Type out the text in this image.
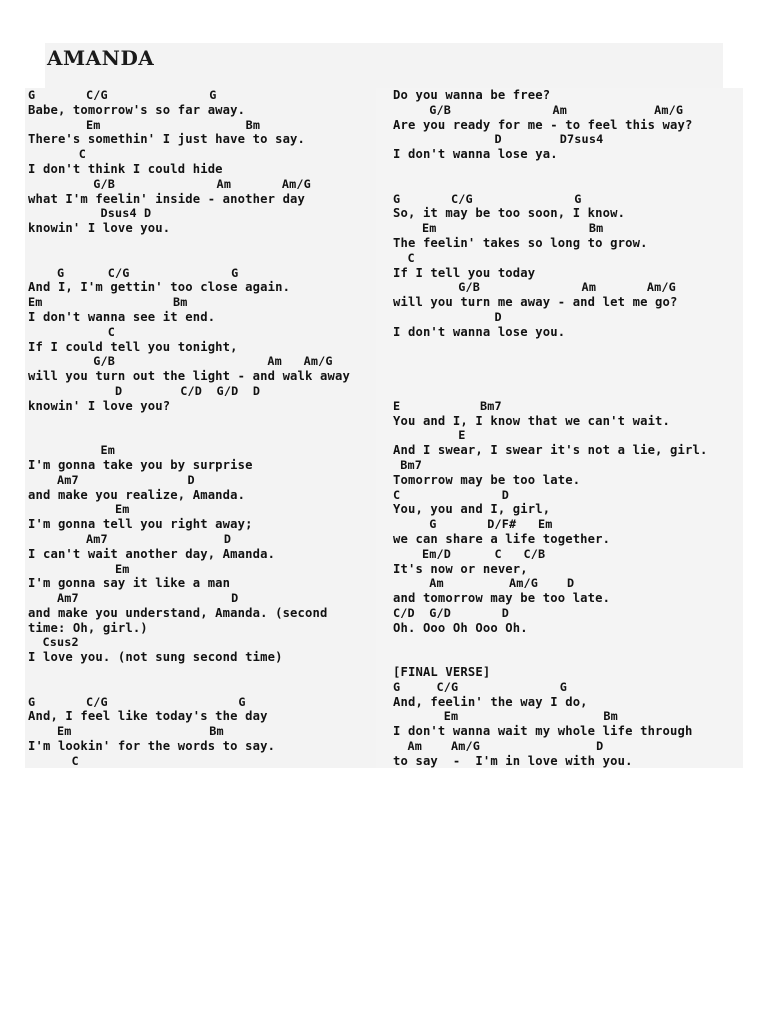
AMANDA
G       C/G              G
Babe, tomorrow's so far away.
Em                    Bm
There's somethin' I just have to say.
C
I don't think I could hide
G/B              Am       Am/G
what I'm feelin' inside - another day
Dsus4 D
knowin' I love you.
G      C/G              G
And I, I'm gettin' too close again.
Em                  Bm
I don't wanna see it end.
C
If I could tell you tonight,
G/B                     Am   Am/G
will you turn out the light - and walk away
D        C/D  G/D  D
knowin' I love you?
Em
I'm gonna take you by surprise
Am7               D
and make you realize, Amanda.
Em
I'm gonna tell you right away;
Am7                D
I can't wait another day, Amanda.
Em
I'm gonna say it like a man
Am7                     D
and make you understand, Amanda. (second
time: Oh, girl.)
Csus2
I love you. (not sung second time)
G       C/G                  G
And, I feel like today's the day
Em                   Bm
I'm lookin' for the words to say.
C
Do you wanna be free?
G/B              Am            Am/G
Are you ready for me - to feel this way?
D        D7sus4
I don't wanna lose ya.
G       C/G              G
So, it may be too soon, I know.
Em                     Bm
The feelin' takes so long to grow.
C
If I tell you today
G/B              Am       Am/G
will you turn me away - and let me go?
D
I don't wanna lose you.
E           Bm7
You and I, I know that we can't wait.
E
And I swear, I swear it's not a lie, girl.
Bm7
Tomorrow may be too late.
C              D
You, you and I, girl,
G       D/F#   Em
we can share a life together.
Em/D      C   C/B
It's now or never,
Am         Am/G    D
and tomorrow may be too late.
C/D  G/D       D
Oh. Ooo Oh Ooo Oh.
[FINAL VERSE]
G     C/G              G
And, feelin' the way I do,
Em                    Bm
I don't wanna wait my whole life through
Am    Am/G                D
to say  -  I'm in love with you.
